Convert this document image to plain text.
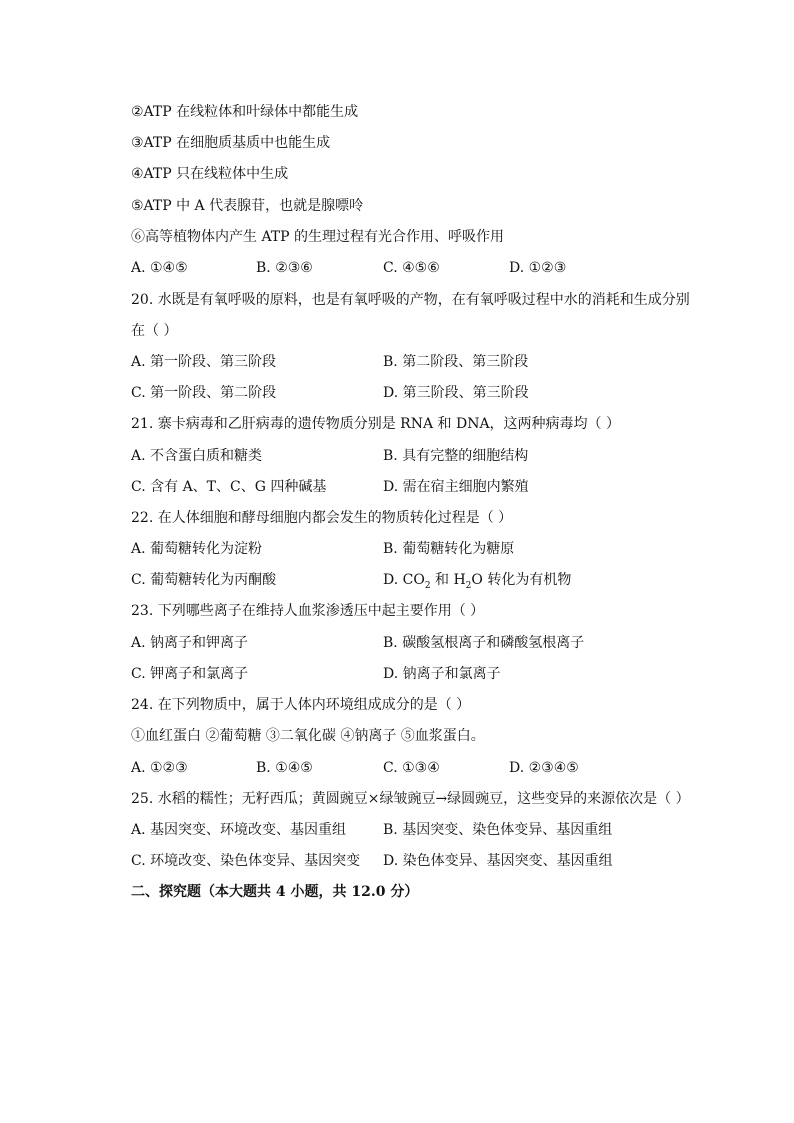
②ATP 在线粒体和叶绿体中都能生成
③ATP 在细胞质基质中也能生成
④ATP 只在线粒体中生成
⑤ATP 中 A 代表腺苷，也就是腺嘌呤
⑥高等植物体内产生 ATP 的生理过程有光合作用、呼吸作用
A. ①④⑤	B. ②③⑥	C. ④⑤⑥	D. ①②③
20. 水既是有氧呼吸的原料，也是有氧呼吸的产物，在有氧呼吸过程中水的消耗和生成分别
在（ ）
A. 第一阶段、第三阶段	B. 第二阶段、第三阶段
C. 第一阶段、第二阶段	D. 第三阶段、第三阶段
21. 寨卡病毒和乙肝病毒的遗传物质分别是 RNA 和 DNA，这两种病毒均（ ）
A. 不含蛋白质和糖类	B. 具有完整的细胞结构
C. 含有 A、T、C、G 四种碱基	D. 需在宿主细胞内繁殖
22. 在人体细胞和酵母细胞内都会发生的物质转化过程是（ ）
A. 葡萄糖转化为淀粉	B. 葡萄糖转化为糖原
C. 葡萄糖转化为丙酮酸	D. $CO_2$ 和 $H_2O$ 转化为有机物
23. 下列哪些离子在维持人血浆渗透压中起主要作用（ ）
A. 钠离子和钾离子	B. 碳酸氢根离子和磷酸氢根离子
C. 钾离子和氯离子	D. 钠离子和氯离子
24. 在下列物质中，属于人体内环境组成成分的是（ ）
①血红蛋白 ②葡萄糖 ③二氧化碳 ④钠离子 ⑤血浆蛋白。
A. ①②③	B. ①④⑤	C. ①③④	D. ②③④⑤
25. 水稻的糯性；无籽西瓜；黄圆豌豆×绿皱豌豆→绿圆豌豆，这些变异的来源依次是（ ）
A. 基因突变、环境改变、基因重组	B. 基因突变、染色体变异、基因重组
C. 环境改变、染色体变异、基因突变 D. 染色体变异、基因突变、基因重组
二、探究题（本大题共 4 小题，共 12.0 分）
